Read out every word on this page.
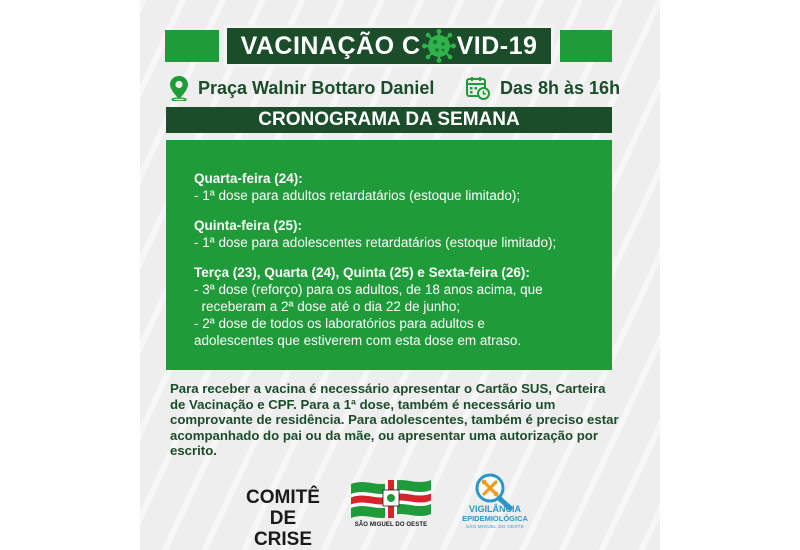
VACINAÇÃO C VID-19
Praça Walnir Bottaro Daniel	Das 8h às 16h
CRONOGRAMA DA SEMANA
Quarta-feira (24):
- 1ª dose para adultos retardatários (estoque limitado);
Quinta-feira (25):
- 1ª dose para adolescentes retardatários (estoque limitado);
Terça (23), Quarta (24), Quinta (25) e Sexta-feira (26):
- 3ª dose (reforço) para os adultos, de 18 anos acima, que
receberam a 2ª dose até o dia 22 de junho;
- 2ª dose de todos os laboratórios para adultos e
adolescentes que estiverem com esta dose em atraso.
Para receber a vacina é necessário apresentar o Cartão SUS, Carteira de Vacinação e CPF. Para a 1ª dose, também é necessário um comprovante de residência. Para adolescentes, também é preciso estar acompanhado do pai ou da mãe, ou apresentar uma autorização por escrito.
COMITÊ
DE CRISE
SÃO MIGUEL DO OESTE
VIGILÂNCIA
EPIDEMIOLÓGICA
SÃO MIGUEL DO OESTE
